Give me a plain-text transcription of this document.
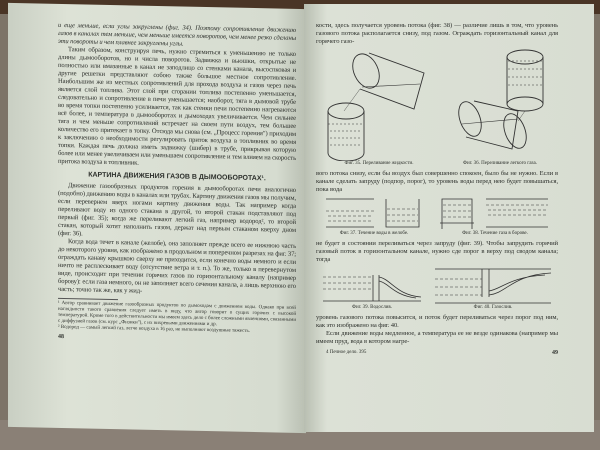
и еще меньше, если углы закруглены (фиг. 34). Поэтому сопротивление движению газов в каналах тем меньше, чем меньше имеется поворотов, чем менее резко сделаны эти повороты и чем плавнее закруглены углы.

Таким образом, конструируя печь, нужно стремиться к уменьшению не только длины дымооборотов, но и числа поворотов. Задвижка и вьюшки, открытые не полностью или вмазанные в канал не заподлицо со стенками канала, высоспковая и другие решетки представляют собою также большое местное сопротивление. Наибольшим же из местных сопротивлений для прохода воздуха и газов через печь является слой топлива. Этот слой при сгорании топлива постепенно уменьшается, следовательно и сопротивление в печи уменьшается; наоборот, тяга в дымовой трубе во время топки постепенно усиливается, так как стенки печи постепенно нагреваются всё более, и температура в дымооборотах и дымоходах увеличивается. Чем сильнее тяга и чем меньше сопротивлений встречает на своем пути воздух, тем большее количество его притекает в топку. Отсюда мы снова (см. „Процесс горения") приходим к заключению о необходимости регулировать приток воздуха в топливник во время топки. Каждая печь должна иметь задвижку (шибер) в трубе, прикрывая которую более или менее увеличиваем или уменьшаем сопротивление и тем влияем на скорость притока воздуха в топливник.

КАРТИНА ДВИЖЕНИЯ ГАЗОВ В ДЫМООБОРОТАХ¹.

Движение газообразных продуктов горения в дымооборотах печи аналогично (подобно) движению воды в каналах или трубах. Картину движения газов мы получим, если перевернем вверх ногами картину движения воды. Так например когда переливают воду из одного стакана в другой, то второй стакан подставляют под первый (фиг. 35); когда же переливают легкий газ, например водород², то второй стакан, который хотят наполнить газом, держат над первым стаканом кверху дном (фиг. 36).

Когда вода течет в канале (желобе), она заполняет прежде всего ее нижнюю часть до некоторого уровня, как изображено в продольном и поперечном разрезах на фиг. 37; ограждать канаву крышкою сверху не приходится, если конечно воды немного и если ничто не расплескивает воду (отсутствие ветра и т. п.). То же, только в перевернутом виде, происходит при течении горячих газов по горизонтальному каналу (например борову): если газа немного, он не заполняет всего сечения канала, а лишь верхнюю его часть; точно так же, как у жид-

¹ Автор сравнивает движение газообразных продуктов по дымоходам с движением воды. Однако при всей наглядности такого сравнения следует иметь в виду, что автор говорит о сущих горячих с высокой температурой. Кроме того в действительности мы имеем здесь дело с более сложными явлениями, связанными с диффузией газов (см. курс „Физики"), с их вихревыми движениями и др.
² Водород — самый легкий газ, легче воздуха в 16 раз, не выполняют воздушные тяжесть.
48

кости, здесь получается уровень потока (фиг. 38) — различие лишь в том, что уровень газового потока располагается снизу, под газом. Ограждать горизонтальный канал для горячего газо-

Фиг. 35. Переливание жидкости.	Фиг. 36. Переливание легкого газа.

вого потока снизу, если бы воздух был совершенно спокоен, было бы не нужно. Если в канале сделать запруду (подпор, порог), то уровень воды перед нею будет повышаться, пока вода

Фиг. 37. Течение воды в желобе.	Фиг. 38. Течение газа в борове.

не будет в состоянии переливаться через запруду (фиг. 39). Чтобы запрудить горячий газовый поток в горизонтальном канале, нужно сде порог в верху под сводом канала; тогда

Фиг. 39. Водослив.	Фиг. 40. Газослив.

уровень газового потока повысится, и поток будет переливаться через порог под ним, как это изображено на фиг. 40.

Если движение воды медленное, а температура ее не везде одинакова (например мы имеем пруд, вода в котором нагре-

4 Печное дело. 395	49
